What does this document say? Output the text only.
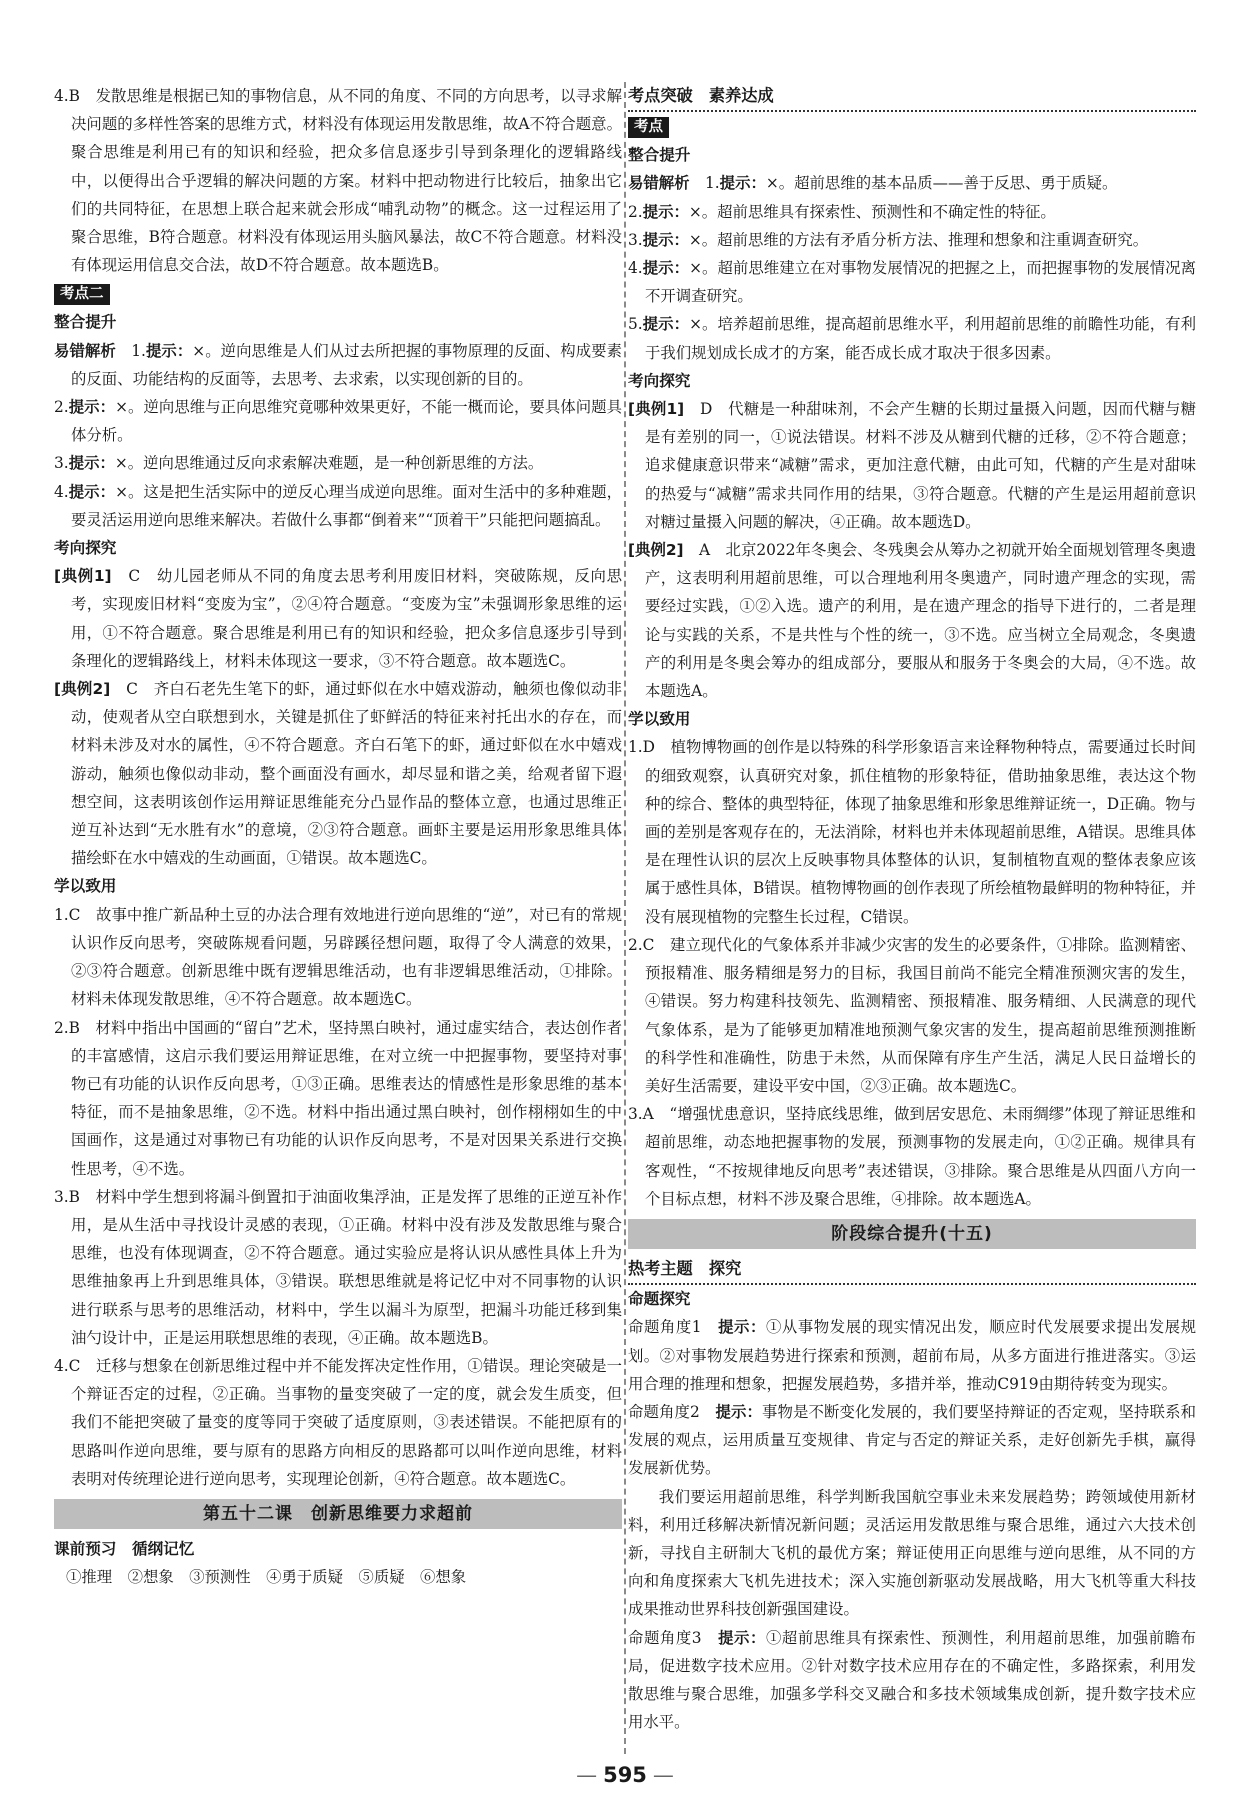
4.B　发散思维是根据已知的事物信息，从不同的角度、不同的方向思考，以寻求解决问题的多样性答案的思维方式，材料没有体现运用发散思维，故A不符合题意。聚合思维是利用已有的知识和经验，把众多信息逐步引导到条理化的逻辑路线中，以便得出合乎逻辑的解决问题的方案。材料中把动物进行比较后，抽象出它们的共同特征，在思想上联合起来就会形成“哺乳动物”的概念。这一过程运用了聚合思维，B符合题意。材料没有体现运用头脑风暴法，故C不符合题意。材料没有体现运用信息交合法，故D不符合题意。故本题选B。

考点二

整合提升

易错解析　 1.提示：×。逆向思维是人们从过去所把握的事物原理的反面、构成要素的反面、功能结构的反面等，去思考、去求索，以实现创新的目的。

2.提示：×。逆向思维与正向思维究竟哪种效果更好，不能一概而论，要具体问题具体分析。

3.提示：×。逆向思维通过反向求索解决难题，是一种创新思维的方法。

4.提示：×。这是把生活实际中的逆反心理当成逆向思维。面对生活中的多种难题，要灵活运用逆向思维来解决。若做什么事都“倒着来”“顶着干”只能把问题搞乱。

考向探究

[典例1]　C　幼儿园老师从不同的角度去思考利用废旧材料，突破陈规，反向思考，实现废旧材料“变废为宝”，②④符合题意。“变废为宝”未强调形象思维的运用，①不符合题意。聚合思维是利用已有的知识和经验，把众多信息逐步引导到条理化的逻辑路线上，材料未体现这一要求，③不符合题意。故本题选C。

[典例2]　C　齐白石老先生笔下的虾，通过虾似在水中嬉戏游动，触须也像似动非动，使观者从空白联想到水，关键是抓住了虾鲜活的特征来衬托出水的存在，而材料未涉及对水的属性，④不符合题意。齐白石笔下的虾，通过虾似在水中嬉戏游动，触须也像似动非动，整个画面没有画水，却尽显和谐之美，给观者留下遐想空间，这表明该创作运用辩证思维能充分凸显作品的整体立意，也通过思维正逆互补达到“无水胜有水”的意境，②③符合题意。画虾主要是运用形象思维具体描绘虾在水中嬉戏的生动画面，①错误。故本题选C。

学以致用

1.C　故事中推广新品种土豆的办法合理有效地进行逆向思维的“逆”，对已有的常规认识作反向思考，突破陈规看问题，另辟蹊径想问题，取得了令人满意的效果，②③符合题意。创新思维中既有逻辑思维活动，也有非逻辑思维活动，①排除。材料未体现发散思维，④不符合题意。故本题选C。

2.B　材料中指出中国画的“留白”艺术，坚持黑白映衬，通过虚实结合，表达创作者的丰富感情，这启示我们要运用辩证思维，在对立统一中把握事物，要坚持对事物已有功能的认识作反向思考，①③正确。思维表达的情感性是形象思维的基本特征，而不是抽象思维，②不选。材料中指出通过黑白映衬，创作栩栩如生的中国画作，这是通过对事物已有功能的认识作反向思考，不是对因果关系进行交换性思考，④不选。

3.B　材料中学生想到将漏斗倒置扣于油面收集浮油，正是发挥了思维的正逆互补作用，是从生活中寻找设计灵感的表现，①正确。材料中没有涉及发散思维与聚合思维，也没有体现调查，②不符合题意。通过实验应是将认识从感性具体上升为思维抽象再上升到思维具体，③错误。联想思维就是将记忆中对不同事物的认识进行联系与思考的思维活动，材料中，学生以漏斗为原型，把漏斗功能迁移到集油勺设计中，正是运用联想思维的表现，④正确。故本题选B。

4.C　迁移与想象在创新思维过程中并不能发挥决定性作用，①错误。理论突破是一个辩证否定的过程，②正确。当事物的量变突破了一定的度，就会发生质变，但我们不能把突破了量变的度等同于突破了适度原则，③表述错误。不能把原有的思路叫作逆向思维，要与原有的思路方向相反的思路都可以叫作逆向思维，材料表明对传统理论进行逆向思考，实现理论创新，④符合题意。故本题选C。

第五十二课　创新思维要力求超前

课前预习　循纲记忆

①推理　②想象　③预测性　④勇于质疑　⑤质疑　⑥想象

考点突破　素养达成

考点

整合提升

易错解析　 1.提示：×。超前思维的基本品质——善于反思、勇于质疑。

2.提示：×。超前思维具有探索性、预测性和不确定性的特征。

3.提示：×。超前思维的方法有矛盾分析方法、推理和想象和注重调查研究。

4.提示：×。超前思维建立在对事物发展情况的把握之上，而把握事物的发展情况离不开调查研究。

5.提示：×。培养超前思维，提高超前思维水平，利用超前思维的前瞻性功能，有利于我们规划成长成才的方案，能否成长成才取决于很多因素。

考向探究

[典例1]　D　代糖是一种甜味剂，不会产生糖的长期过量摄入问题，因而代糖与糖是有差别的同一，①说法错误。材料不涉及从糖到代糖的迁移，②不符合题意；追求健康意识带来“减糖”需求，更加注意代糖，由此可知，代糖的产生是对甜味的热爱与“减糖”需求共同作用的结果，③符合题意。代糖的产生是运用超前意识对糖过量摄入问题的解决，④正确。故本题选D。

[典例2]　A　北京2022年冬奥会、冬残奥会从筹办之初就开始全面规划管理冬奥遗产，这表明利用超前思维，可以合理地利用冬奥遗产，同时遗产理念的实现，需要经过实践，①②入选。遗产的利用，是在遗产理念的指导下进行的，二者是理论与实践的关系，不是共性与个性的统一，③不选。应当树立全局观念，冬奥遗产的利用是冬奥会筹办的组成部分，要服从和服务于冬奥会的大局，④不选。故本题选A。

学以致用

1.D　植物博物画的创作是以特殊的科学形象语言来诠释物种特点，需要通过长时间的细致观察，认真研究对象，抓住植物的形象特征，借助抽象思维，表达这个物种的综合、整体的典型特征，体现了抽象思维和形象思维辩证统一，D正确。物与画的差别是客观存在的，无法消除，材料也并未体现超前思维，A错误。思维具体是在理性认识的层次上反映事物具体整体的认识，复制植物直观的整体表象应该属于感性具体，B错误。植物博物画的创作表现了所绘植物最鲜明的物种特征，并没有展现植物的完整生长过程，C错误。

2.C　建立现代化的气象体系并非减少灾害的发生的必要条件，①排除。监测精密、预报精准、服务精细是努力的目标，我国目前尚不能完全精准预测灾害的发生，④错误。努力构建科技领先、监测精密、预报精准、服务精细、人民满意的现代气象体系，是为了能够更加精准地预测气象灾害的发生，提高超前思维预测推断的科学性和准确性，防患于未然，从而保障有序生产生活，满足人民日益增长的美好生活需要，建设平安中国，②③正确。故本题选C。

3.A　“增强忧患意识，坚持底线思维，做到居安思危、未雨绸缪”体现了辩证思维和超前思维，动态地把握事物的发展，预测事物的发展走向，①②正确。规律具有客观性，“不按规律地反向思考”表述错误，③排除。聚合思维是从四面八方向一个目标点想，材料不涉及聚合思维，④排除。故本题选A。

阶段综合提升(十五)

热考主题　探究

命题探究

命题角度1　 提示：①从事物发展的现实情况出发，顺应时代发展要求提出发展规划。②对事物发展趋势进行探索和预测，超前布局，从多方面进行推进落实。③运用合理的推理和想象，把握发展趋势，多措并举，推动C919由期待转变为现实。

命题角度2　 提示：事物是不断变化发展的，我们要坚持辩证的否定观，坚持联系和发展的观点，运用质量互变规律、肯定与否定的辩证关系，走好创新先手棋，赢得发展新优势。

我们要运用超前思维，科学判断我国航空事业未来发展趋势；跨领域使用新材料，利用迁移解决新情况新问题；灵活运用发散思维与聚合思维，通过六大技术创新，寻找自主研制大飞机的最优方案；辩证使用正向思维与逆向思维，从不同的方向和角度探索大飞机先进技术；深入实施创新驱动发展战略，用大飞机等重大科技成果推动世界科技创新强国建设。

命题角度3　 提示：①超前思维具有探索性、预测性，利用超前思维，加强前瞻布局，促进数字技术应用。②针对数字技术应用存在的不确定性，多路探索，利用发散思维与聚合思维，加强多学科交叉融合和多技术领域集成创新，提升数字技术应用水平。

— 595 —
